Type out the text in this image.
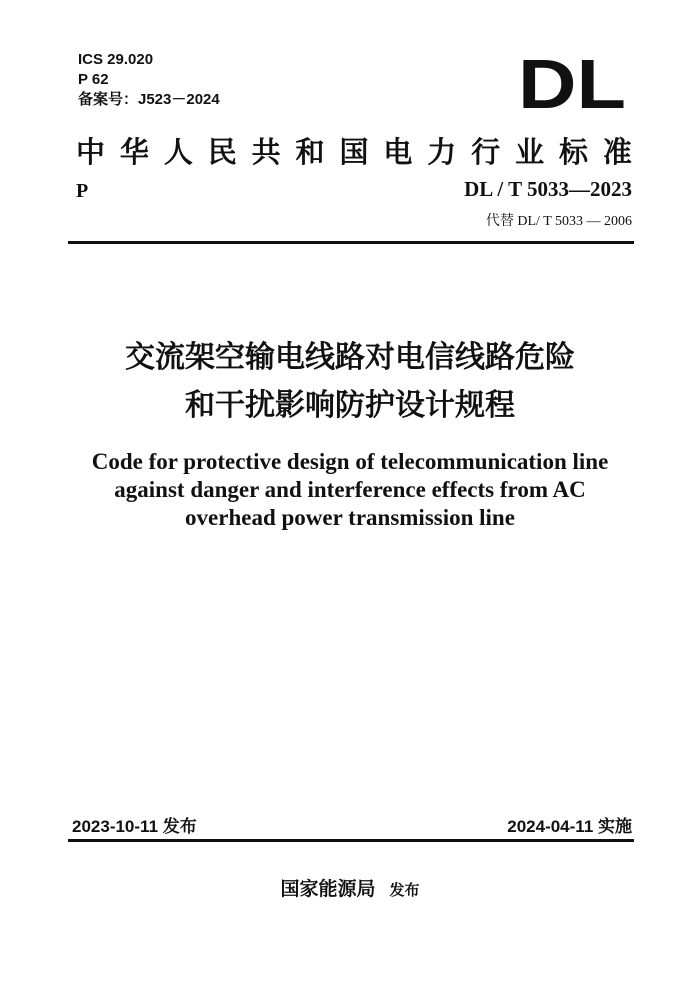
ICS 29.020
P 62
备案号：J523－2024	DL
中 华 人 民 共 和 国 电 力 行 业 标 准
P	DL / T 5033—2023
代替 DL/ T 5033 — 2006
交流架空输电线路对电信线路危险
和干扰影响防护设计规程
Code for protective design of telecommunication line
against danger and interference effects from AC
overhead power transmission line
2023-10-11 发布	2024-04-11 实施
国家能源局 发布
